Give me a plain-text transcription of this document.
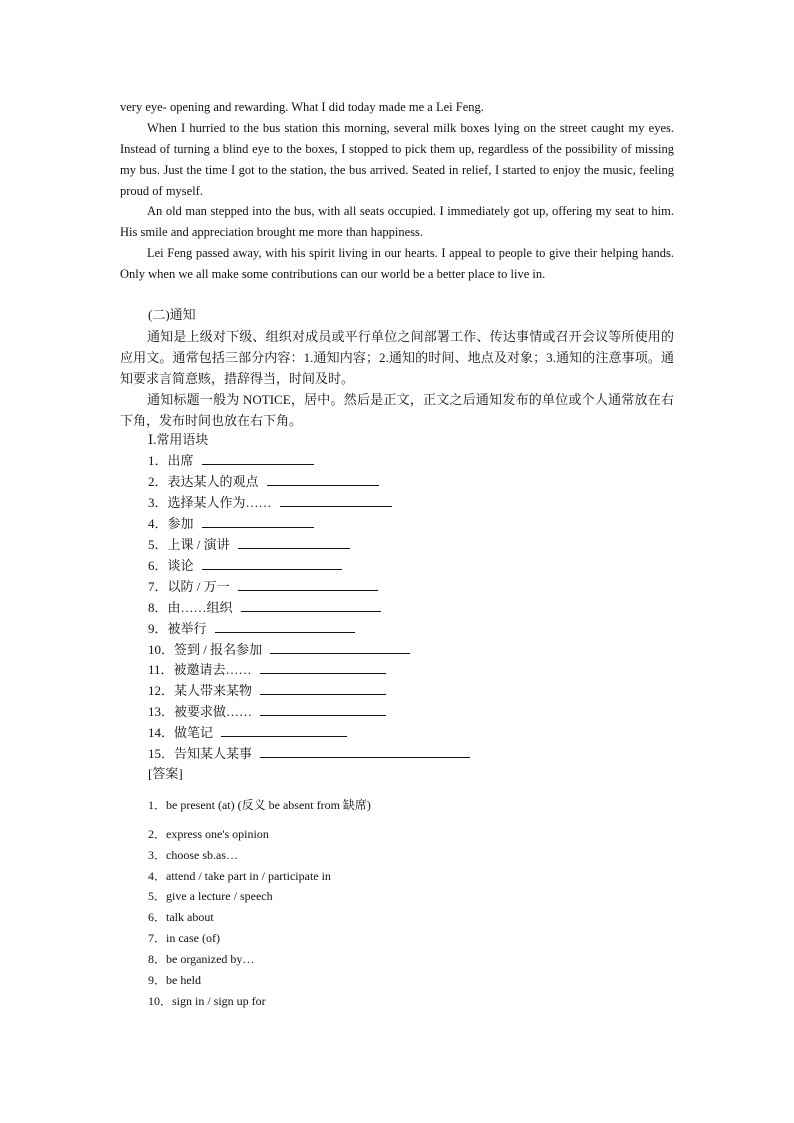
very eye- opening and rewarding. What I did today made me a Lei Feng.

When I hurried to the bus station this morning, several milk boxes lying on the street caught my eyes. Instead of turning a blind eye to the boxes, I stopped to pick them up, regardless of the possibility of missing my bus. Just the time I got to the station, the bus arrived. Seated in relief, I started to enjoy the music, feeling proud of myself.

An old man stepped into the bus, with all seats occupied. I immediately got up, offering my seat to him. His smile and appreciation brought me more than happiness.

Lei Feng passed away, with his spirit living in our hearts. I appeal to people to give their helping hands. Only when we all make some contributions can our world be a better place to live in.

(二)通知

通知是上级对下级、组织对成员或平行单位之间部署工作、传达事情或召开会议等所使用的应用文。通常包括三部分内容：1.通知内容；2.通知的时间、地点及对象；3.通知的注意事项。通知要求言简意赅，措辞得当，时间及时。

通知标题一般为 NOTICE，居中。然后是正文，正文之后通知发布的单位或个人通常放在右下角，发布时间也放在右下角。

Ⅰ.常用语块
1．出席
2．表达某人的观点
3．选择某人作为……
4．参加
5．上课 / 演讲
6．谈论
7．以防 / 万一
8．由……组织
9．被举行
10．签到 / 报名参加
11．被邀请去……
12．某人带来某物
13．被要求做……
14．做笔记
15．告知某人某事
[答案]
1．be present (at) (反义 be absent from 缺席)
2．express one's opinion
3．choose sb.as…
4．attend / take part in / participate in
5．give a lecture / speech
6．talk about
7．in case (of)
8．be organized by…
9．be held
10．sign in / sign up for
